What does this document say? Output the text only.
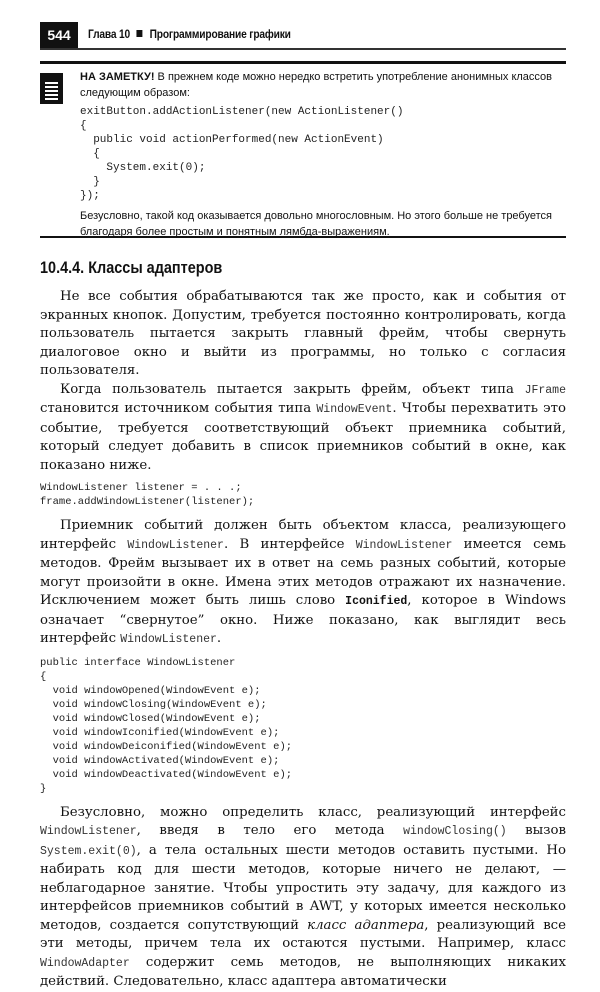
544	Глава 10 Программирование графики
НА ЗАМЕТКУ! В прежнем коде можно нередко встретить употребление анонимных классов следующим образом:
exitButton.addActionListener(new ActionListener()
{
public void actionPerformed(new ActionEvent)
{
System.exit(0);
}
});
Безусловно, такой код оказывается довольно многословным. Но этого больше не требуется благодаря более простым и понятным лямбда-выражениям.
10.4.4. Классы адаптеров

Не все события обрабатываются так же просто, как и события от экранных кнопок. Допустим, требуется постоянно контролировать, когда пользователь пытается закрыть главный фрейм, чтобы свернуть диалоговое окно и выйти из программы, но только с согласия пользователя.

Когда пользователь пытается закрыть фрейм, объект типа JFrame становится источником события типа WindowEvent. Чтобы перехватить это событие, требуется соответствующий объект приемника событий, который следует добавить в список приемников событий в окне, как показано ниже.

WindowListener listener = . . .;
frame.addWindowListener(listener);

Приемник событий должен быть объектом класса, реализующего интерфейс WindowListener. В интерфейсе WindowListener имеется семь методов. Фрейм вызывает их в ответ на семь разных событий, которые могут произойти в окне. Имена этих методов отражают их назначение. Исключением может быть лишь слово Iconified, которое в Windows означает “свернутое” окно. Ниже показано, как выглядит весь интерфейс WindowListener.

public interface WindowListener
{
void windowOpened(WindowEvent e);
void windowClosing(WindowEvent e);
void windowClosed(WindowEvent e);
void windowIconified(WindowEvent e);
void windowDeiconified(WindowEvent e);
void windowActivated(WindowEvent e);
void windowDeactivated(WindowEvent e);
}

Безусловно, можно определить класс, реализующий интерфейс WindowListener, введя в тело его метода windowClosing() вызов System.exit(0), а тела остальных шести методов оставить пустыми. Но набирать код для шести методов, которые ничего не делают, — неблагодарное занятие. Чтобы упростить эту задачу, для каждого из интерфейсов приемников событий в AWT, у которых имеется несколько методов, создается сопутствующий класс адаптера, реализующий все эти методы, причем тела их остаются пустыми. Например, класс WindowAdapter содержит семь методов, не выполняющих никаких действий. Следовательно, класс адаптера автоматически
